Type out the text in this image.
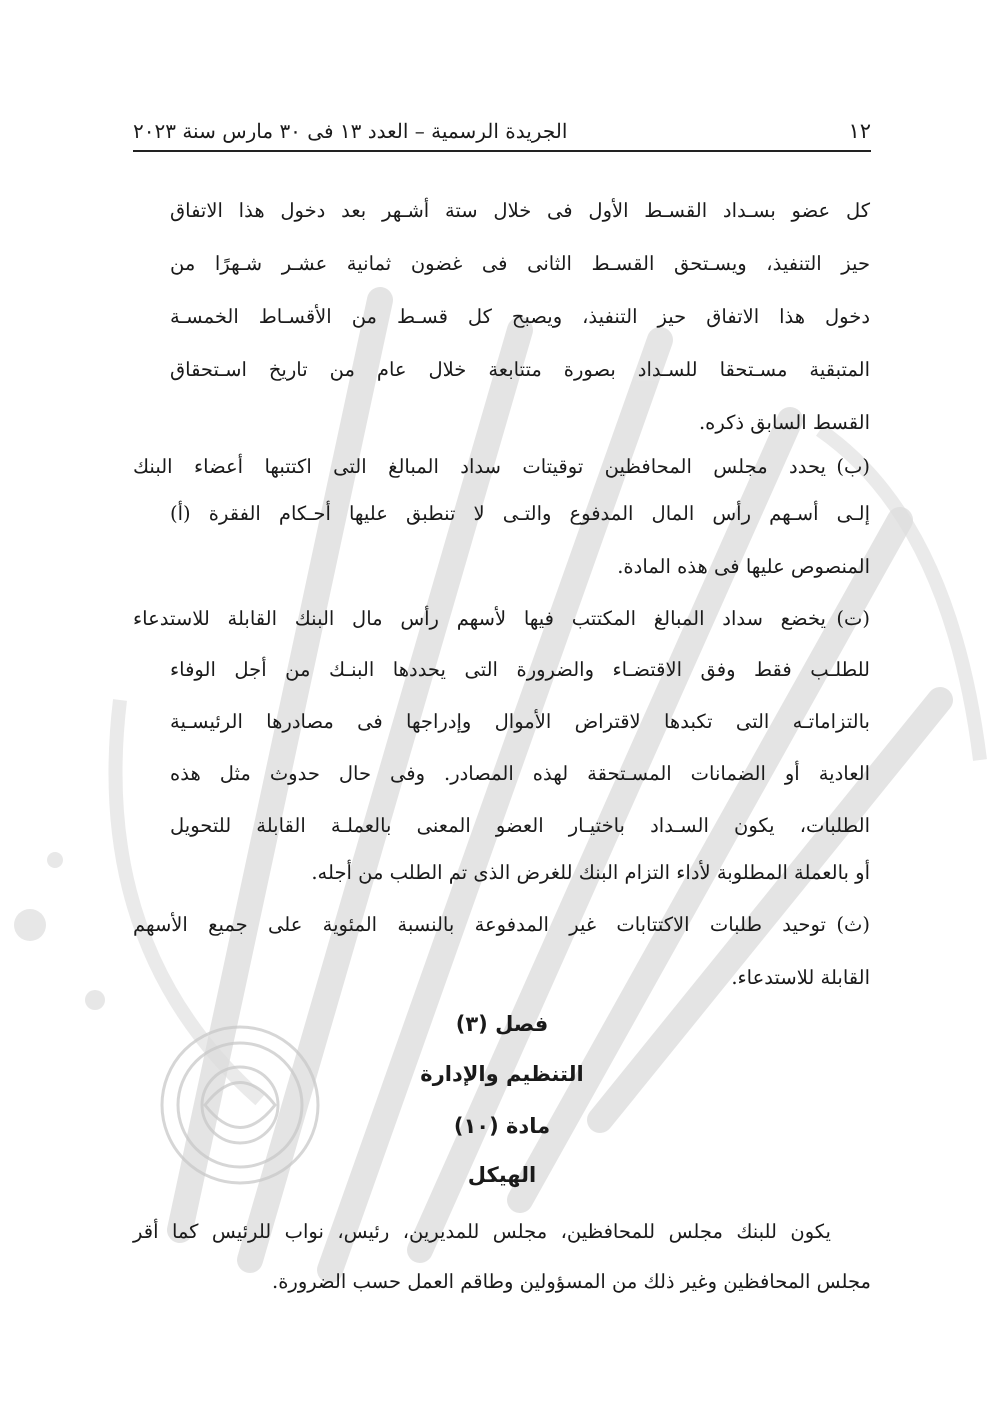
١٢
الجريدة الرسمية – العدد ١٣ فى ٣٠ مارس سنة ٢٠٢٣
كل عضو بسـداد القسـط الأول فى خلال ستة أشـهر بعد دخول هذا الاتفاق
حيز التنفيذ، ويسـتحق القسـط الثانى فى غضون ثمانية عشـر شـهرًا من
دخول هذا الاتفاق حيز التنفيذ، ويصبح كل قسـط من الأقسـاط الخمسـة
المتبقية مسـتحقا للسـداد بصورة متتابعة خلال عام من تاريخ اسـتحقاق
القسط السابق ذكره.
(ب)
يحدد مجلس المحافظين توقيتات سداد المبالغ التى اكتتبها أعضاء البنك
إلـى أسـهم رأس المال المدفوع والتـى لا تنطبق عليها أحـكام الفقرة (أ)
المنصوص عليها فى هذه المادة.
(ت)
يخضع سداد المبالغ المكتتب فيها لأسهم رأس مال البنك القابلة للاستدعاء
للطلـب فقط وفق الاقتضـاء والضرورة التى يحددها البنـك من أجل الوفاء
بالتزاماتـه التى تكبدها لاقتراض الأموال وإدراجها فى مصادرها الرئيسـية
العادية أو الضمانات المسـتحقة لهذه المصادر. وفى حال حدوث مثل هذه
الطلبات، يكون السـداد باختيـار العضو المعنى بالعملـة القابلة للتحويل
أو بالعملة المطلوبة لأداء التزام البنك للغرض الذى تم الطلب من أجله.
(ث)
توحيد طلبات الاكتتابات غير المدفوعة بالنسبة المئوية على جميع الأسهم
القابلة للاستدعاء.
فصل (٣)
التنظيم والإدارة
مادة (١٠)
الهيكل
يكون للبنك مجلس للمحافظين، مجلس للمديرين، رئيس، نواب للرئيس كما أقر
مجلس المحافظين وغير ذلك من المسؤولين وطاقم العمل حسب الضرورة.
